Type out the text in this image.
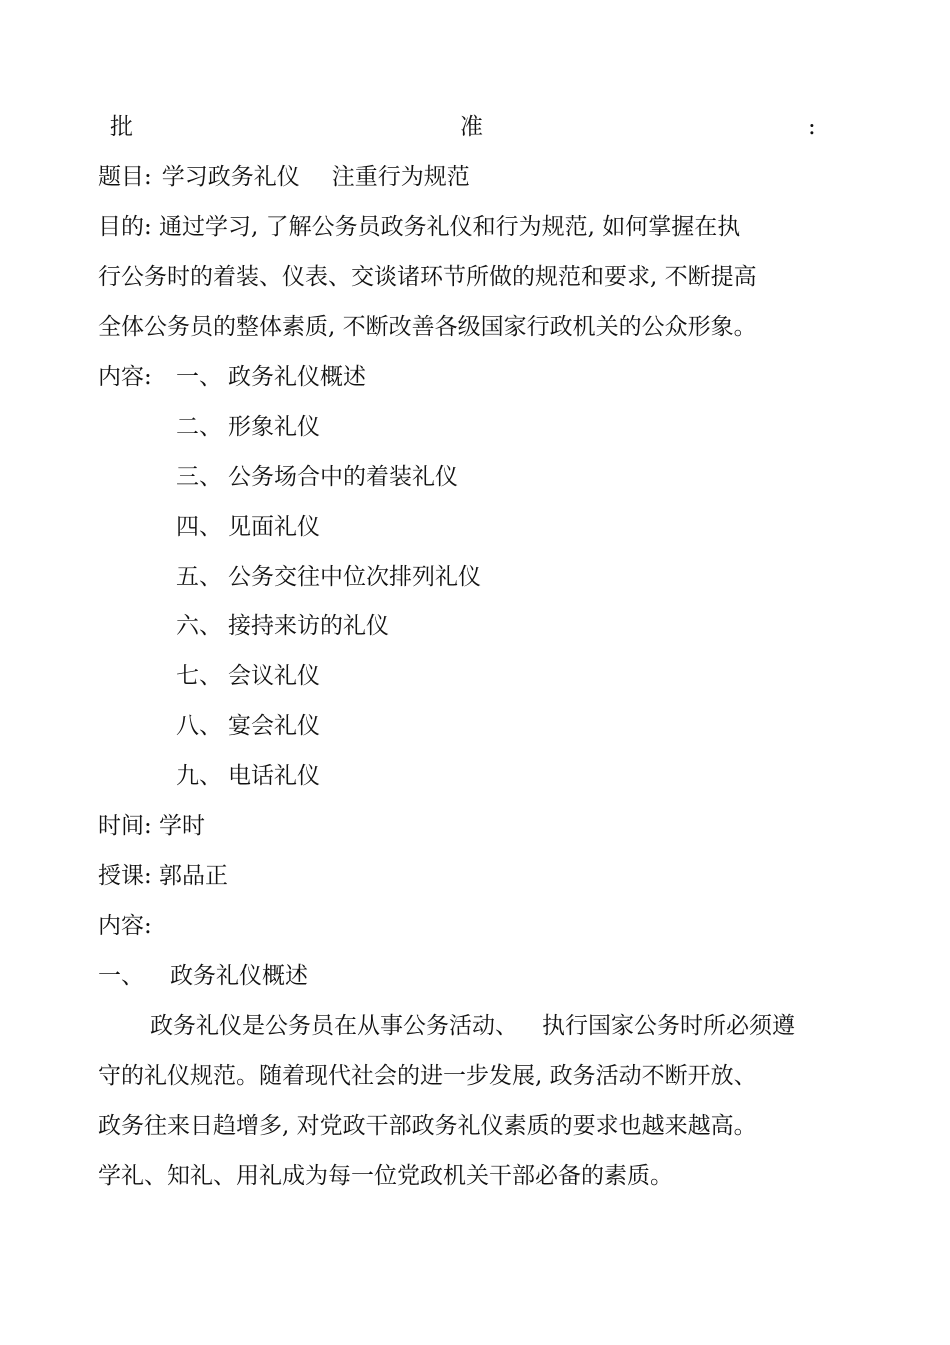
批	准	:
题目: 学习政务礼仪 注重行为规范
目的: 通过学习, 了解公务员政务礼仪和行为规范, 如何掌握在执
行公务时的着装、仪表、交谈诸环节所做的规范和要求, 不断提高
全体公务员的整体素质, 不断改善各级国家行政机关的公众形象。
内容: 一、 政务礼仪概述
二、 形象礼仪
三、 公务场合中的着装礼仪
四、 见面礼仪
五、 公务交往中位次排列礼仪
六、 接持来访的礼仪
七、 会议礼仪
八、 宴会礼仪
九、 电话礼仪
时间: 学时
授课: 郭品正
内容:
一、 政务礼仪概述
政务礼仪是公务员在从事公务活动、 执行国家公务时所必须遵
守的礼仪规范。随着现代社会的进一步发展, 政务活动不断开放、
政务往来日趋增多, 对党政干部政务礼仪素质的要求也越来越高。
学礼、知礼、用礼成为每一位党政机关干部必备的素质。
